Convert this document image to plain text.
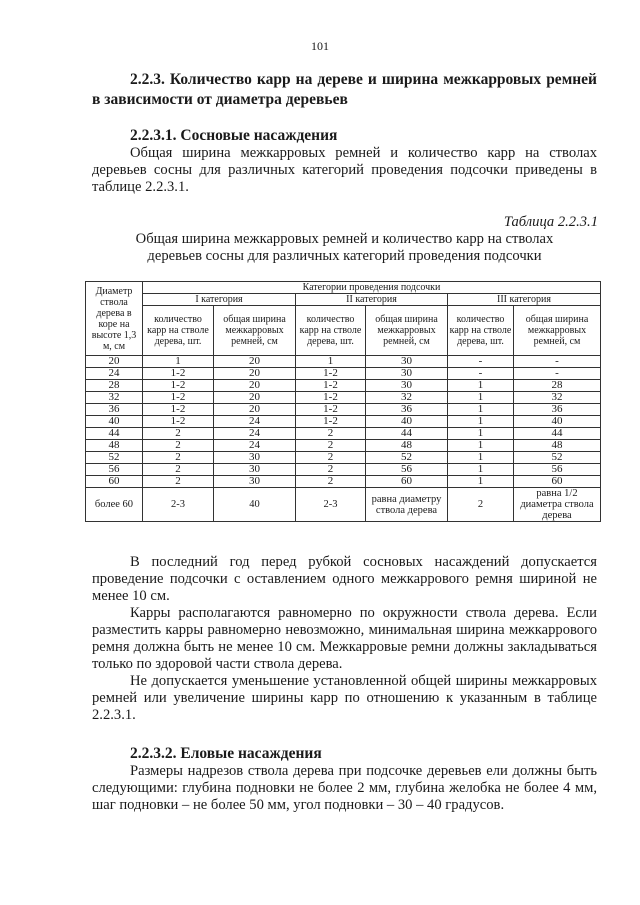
101
2.2.3. Количество карр на дереве и ширина межкарровых ремней в зависимости от диаметра деревьев
2.2.3.1. Сосновые насаждения
Общая ширина межкарровых ремней и количество карр на стволах деревьев сосны для различных категорий проведения подсочки приведены в таблице 2.2.3.1.
Таблица 2.2.3.1
Общая ширина межкарровых ремней и количество карр на стволах
деревьев сосны для различных категорий проведения подсочки
Диаметр ствола дерева в коре на высоте 1,3 м, см	Категории проведения подсочки					
	I категория		II категория		III категория	
	количество карр на стволе дерева, шт.	общая ширина межкарровых ремней, см	количество карр на стволе дерева, шт.	общая ширина межкарровых ремней, см	количество карр на стволе дерева, шт.	общая ширина межкарровых ремней, см
20	1	20	1	30	-	-
24	1-2	20	1-2	30	-	-
28	1-2	20	1-2	30	1	28
32	1-2	20	1-2	32	1	32
36	1-2	20	1-2	36	1	36
40	1-2	24	1-2	40	1	40
44	2	24	2	44	1	44
48	2	24	2	48	1	48
52	2	30	2	52	1	52
56	2	30	2	56	1	56
60	2	30	2	60	1	60
более 60	2-3	40	2-3	равна диаметру ствола дерева	2	равна 1/2 диаметра ствола дерева
В последний год перед рубкой сосновых насаждений допускается проведение подсочки с оставлением одного межкаррового ремня шириной не менее 10 см.
Карры располагаются равномерно по окружности ствола дерева. Если разместить карры равномерно невозможно, минимальная ширина межкаррового ремня должна быть не менее 10 см. Межкарровые ремни должны закладываться только по здоровой части ствола дерева.
Не допускается уменьшение установленной общей ширины межкарровых ремней или увеличение ширины карр по отношению к указанным в таблице 2.2.3.1.
2.2.3.2. Еловые насаждения
Размеры надрезов ствола дерева при подсочке деревьев ели должны быть следующими: глубина подновки не более 2 мм, глубина желобка не более 4 мм, шаг подновки – не более 50 мм, угол подновки – 30 – 40 градусов.
